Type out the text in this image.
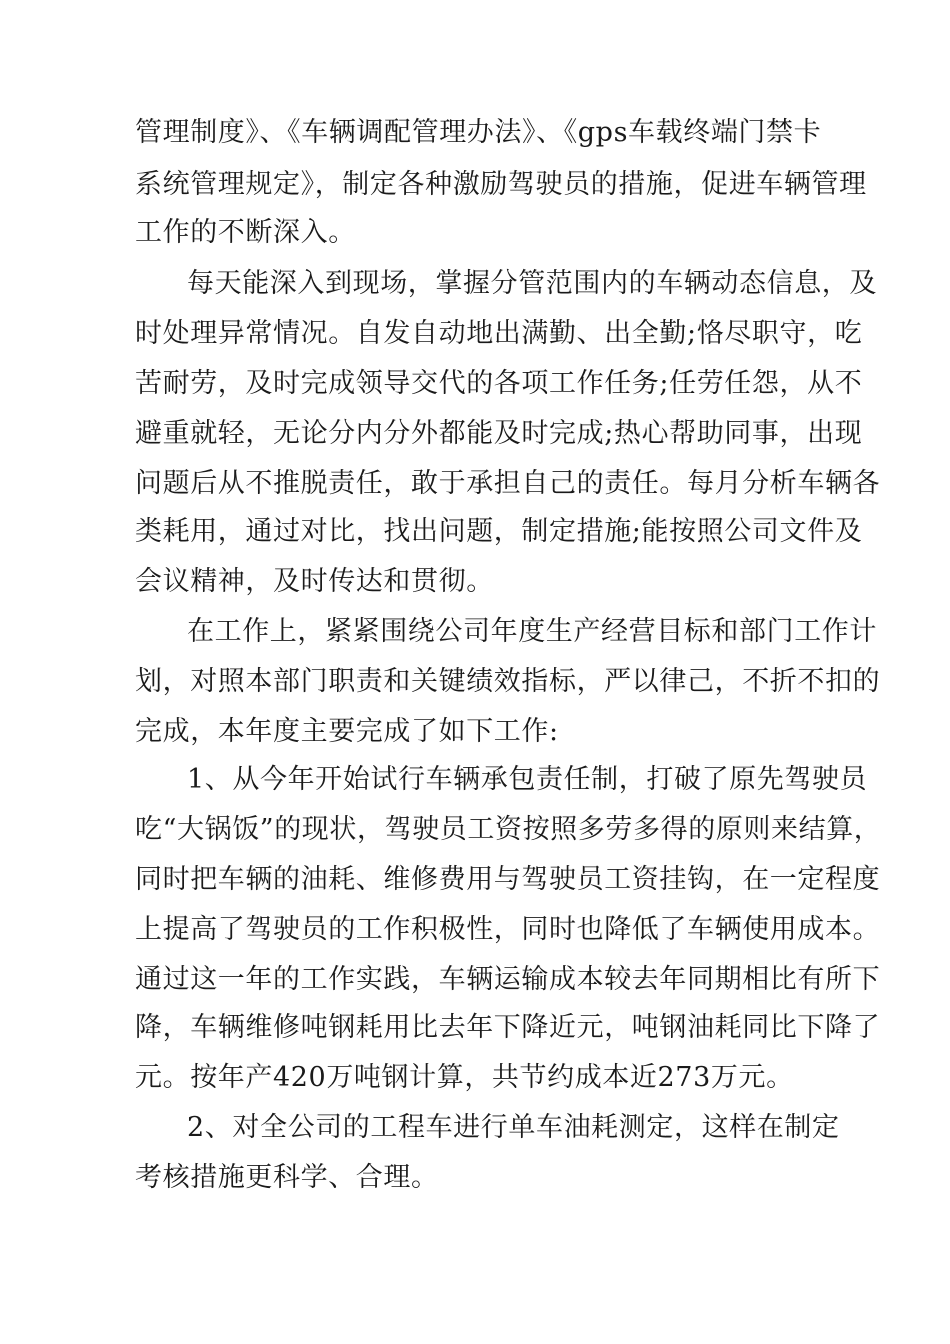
管理制度》、《车辆调配管理办法》、《gps车载终端门禁卡
系统管理规定》，制定各种激励驾驶员的措施，促进车辆管理
工作的不断深入。
每天能深入到现场，掌握分管范围内的车辆动态信息，及
时处理异常情况。自发自动地出满勤、出全勤;恪尽职守，吃
苦耐劳，及时完成领导交代的各项工作任务;任劳任怨，从不
避重就轻，无论分内分外都能及时完成;热心帮助同事，出现
问题后从不推脱责任，敢于承担自己的责任。每月分析车辆各
类耗用，通过对比，找出问题，制定措施;能按照公司文件及
会议精神，及时传达和贯彻。
在工作上，紧紧围绕公司年度生产经营目标和部门工作计
划，对照本部门职责和关键绩效指标，严以律己，不折不扣的
完成，本年度主要完成了如下工作:
1、从今年开始试行车辆承包责任制，打破了原先驾驶员
吃“大锅饭”的现状，驾驶员工资按照多劳多得的原则来结算，
同时把车辆的油耗、维修费用与驾驶员工资挂钩，在一定程度
上提高了驾驶员的工作积极性，同时也降低了车辆使用成本。
通过这一年的工作实践，车辆运输成本较去年同期相比有所下
降，车辆维修吨钢耗用比去年下降近元，吨钢油耗同比下降了
元。按年产420万吨钢计算，共节约成本近273万元。
2、对全公司的工程车进行单车油耗测定，这样在制定
考核措施更科学、合理。
